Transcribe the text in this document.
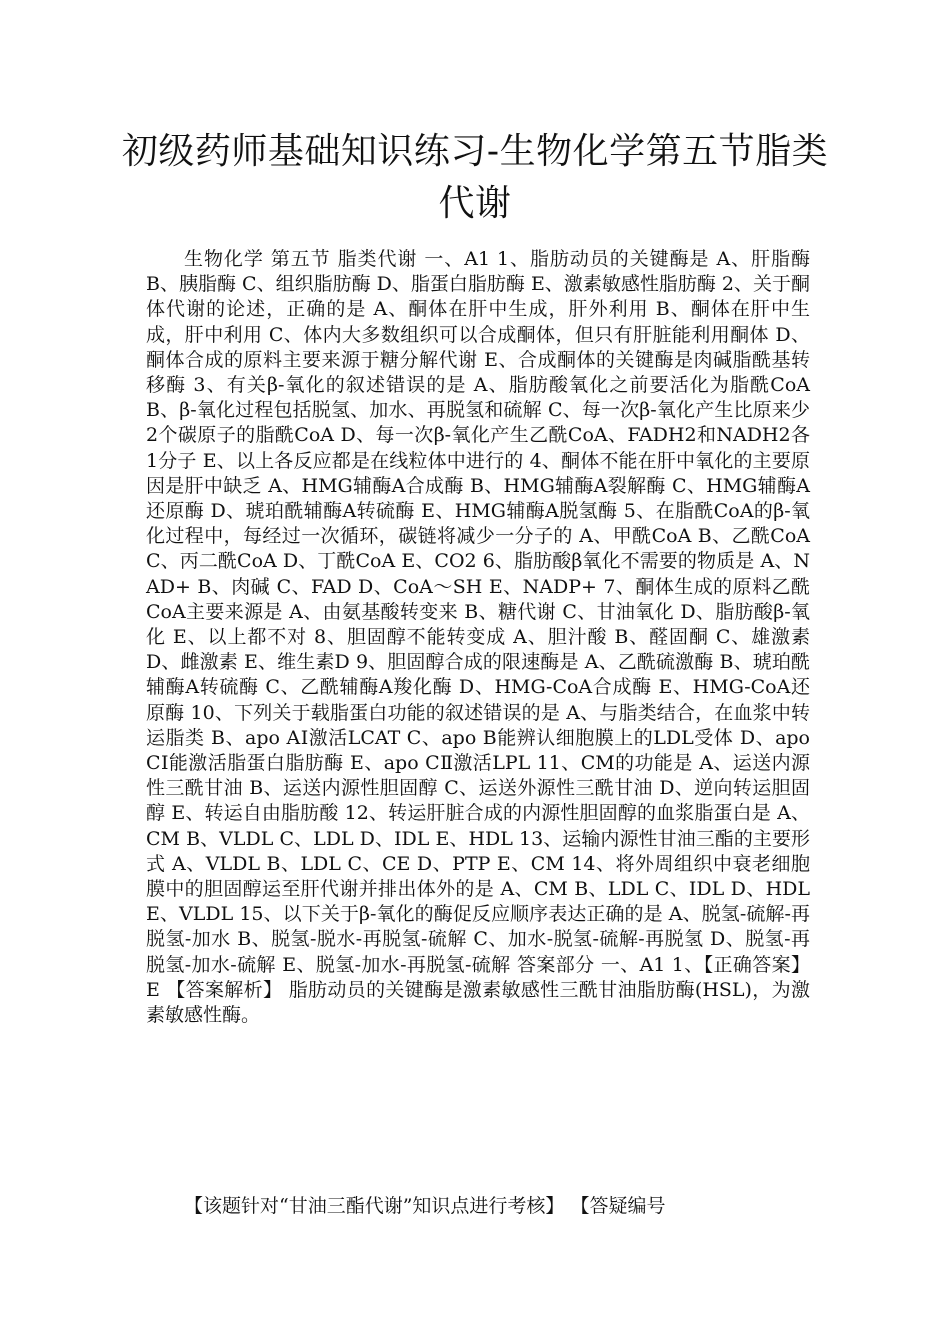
初级药师基础知识练习-生物化学第五节脂类代谢

生物化学 第五节 脂类代谢 一、A1 1、脂肪动员的关键酶是 A、肝脂酶 B、胰脂酶 C、组织脂肪酶 D、脂蛋白脂肪酶 E、激素敏感性脂肪酶 2、关于酮体代谢的论述，正确的是 A、酮体在肝中生成，肝外利用 B、酮体在肝中生成，肝中利用 C、体内大多数组织可以合成酮体，但只有肝脏能利用酮体 D、酮体合成的原料主要来源于糖分解代谢 E、合成酮体的关键酶是肉碱脂酰基转移酶 3、有关β-氧化的叙述错误的是 A、脂肪酸氧化之前要活化为脂酰CoA B、β-氧化过程包括脱氢、加水、再脱氢和硫解 C、每一次β-氧化产生比原来少2个碳原子的脂酰CoA D、每一次β-氧化产生乙酰CoA、FADH2和NADH2各1分子 E、以上各反应都是在线粒体中进行的 4、酮体不能在肝中氧化的主要原因是肝中缺乏 A、HMG辅酶A合成酶 B、HMG辅酶A裂解酶 C、HMG辅酶A还原酶 D、琥珀酰辅酶A转硫酶 E、HMG辅酶A脱氢酶 5、在脂酰CoA的β-氧化过程中，每经过一次循环，碳链将减少一分子的 A、甲酰CoA B、乙酰CoA C、丙二酰CoA D、丁酰CoA E、CO2 6、脂肪酸β氧化不需要的物质是 A、NAD+ B、肉碱 C、FAD D、CoA～SH E、NADP+ 7、酮体生成的原料乙酰CoA主要来源是 A、由氨基酸转变来 B、糖代谢 C、甘油氧化 D、脂肪酸β-氧化 E、以上都不对 8、胆固醇不能转变成 A、胆汁酸 B、醛固酮 C、雄激素 D、雌激素 E、维生素D 9、胆固醇合成的限速酶是 A、乙酰硫激酶 B、琥珀酰辅酶A转硫酶 C、乙酰辅酶A羧化酶 D、HMG-CoA合成酶 E、HMG-CoA还原酶 10、下列关于载脂蛋白功能的叙述错误的是 A、与脂类结合，在血浆中转运脂类 B、apo AⅠ激活LCAT C、apo B能辨认细胞膜上的LDL受体 D、apo CⅠ能激活脂蛋白脂肪酶 E、apo CⅡ激活LPL 11、CM的功能是 A、运送内源性三酰甘油 B、运送内源性胆固醇 C、运送外源性三酰甘油 D、逆向转运胆固醇 E、转运自由脂肪酸 12、转运肝脏合成的内源性胆固醇的血浆脂蛋白是 A、CM B、VLDL C、LDL D、IDL E、HDL 13、运输内源性甘油三酯的主要形式 A、VLDL B、LDL C、CE D、PTP E、CM 14、将外周组织中衰老细胞膜中的胆固醇运至肝代谢并排出体外的是 A、CM B、LDL C、IDL D、HDL E、VLDL 15、以下关于β-氧化的酶促反应顺序表达正确的是 A、脱氢-硫解-再脱氢-加水 B、脱氢-脱水-再脱氢-硫解 C、加水-脱氢-硫解-再脱氢 D、脱氢-再脱氢-加水-硫解 E、脱氢-加水-再脱氢-硫解 答案部分 一、A1 1、【正确答案】 E 【答案解析】 脂肪动员的关键酶是激素敏感性三酰甘油脂肪酶(HSL)，为激素敏感性酶。

【该题针对“甘油三酯代谢”知识点进行考核】 【答疑编号
